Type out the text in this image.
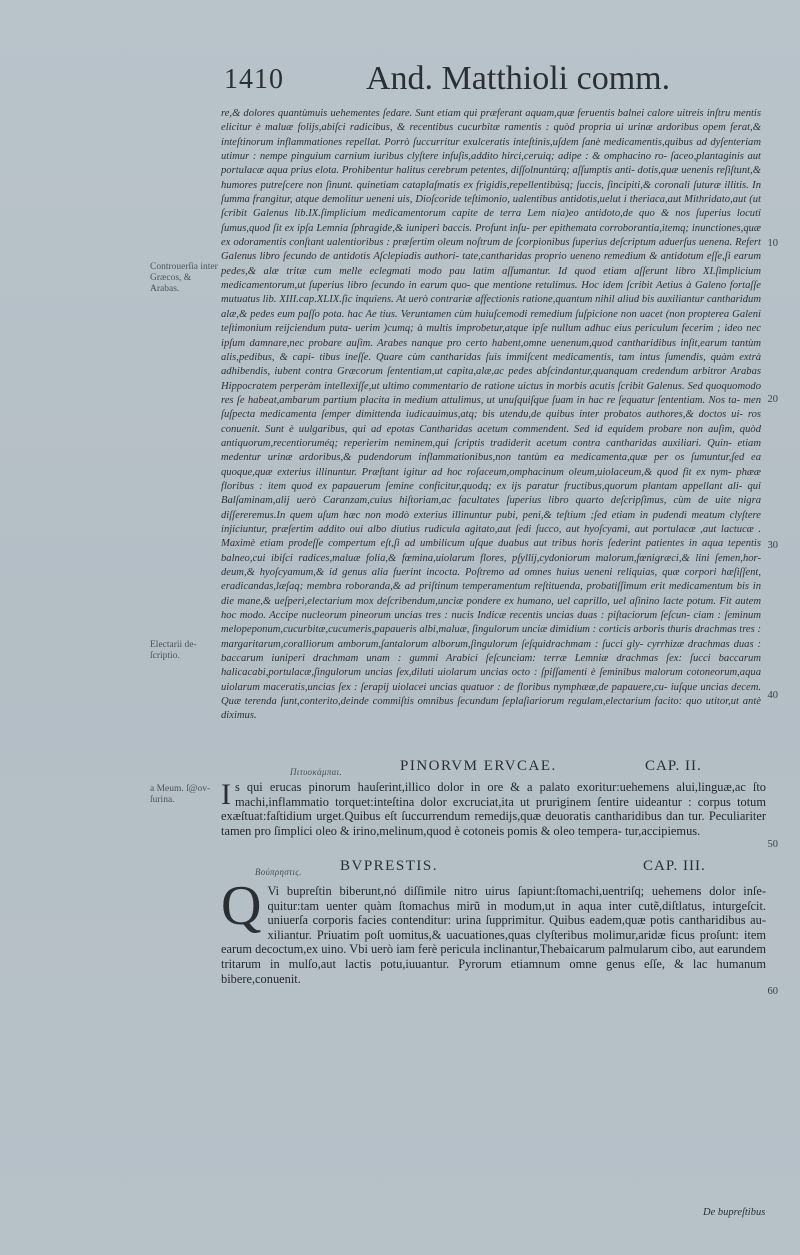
1410 And. Matthioli comm.

re,& dolores quantùmuis uehementes ſedare. Sunt etiam qui præferant aquam,quæ feruentis balnei calore uitreis inſtru mentis elicitur è maluæ folijs,abiſci radicibus, & recentibus cucurbitæ ramentis : quòd propria ui urinæ ardoribus opem ferat,& inteſtinorum inflammationes repellat. Porrò ſuccurritur exulceratis inteſtinis,uſdem ſanè medicamentis,quibus ad dyſenteriam utimur : nempe pinguium carnium iuribus clyſtere infuſis,addito hirci,ceruiq; adipe : & omphacino ro- ſaceo,plantaginis aut portulacæ aqua prius elota. Prohibentur halitus cerebrum petentes, diſſolnuntúrq; aſſumptis anti- dotis,quæ uenenis reſiſtunt,& humores putreſcere non ſinunt. quinetiam cataplaſmatis ex frigidis,repellentibúsq; ſuccis, ſincipiti,& coronali ſuturæ illitis. In ſumma frangitur, atque demolitur ueneni uis, Dioſcoride teſtimonio, ualentibus antidotis,uelut i theriaca,aut Mithridato,aut (ut ſcribit Galenus lib.IX.ſimplicium medicamentorum capite de terra Lem nia)eo antidoto,de quo & nos ſuperius locuti ſumus,quod ſit ex ipſa Lemnia ſphragide,& iuniperi baccis. Profunt inſu- per epithemata corroborantia,itemq; inunctiones,quæ ex odoramentis conſtant ualentioribus : præſertim oleum noſtrum de ſcorpionibus ſuperius deſcriptum aduerſus uenena. Refert Galenus libro ſecundo de antidotis Aſclepiadis authori- tate,cantharidas proprio ueneno remedium & antidotum eſſe,ſi earum pedes,& alæ tritæ cum melle eclegmati modo pau latim aſſumantur. Id quod etiam aſſerunt libro XI.ſimplicium medicamentorum,ut ſuperius libro ſecundo in earum quo- que mentione retulimus. Hoc idem ſcribit Aetius à Galeno fortaſſe mutuatus lib. XIII.cap.XLIX.ſic inquiens. At uerò contrariæ affectionis ratione,quantum nihil aliud bis auxiliantur cantharidum alæ,& pedes eum paſſo pota. hac Ae tius. Veruntamen cùm huiuſcemodi remedium ſuſpicione non uacet (non propterea Galeni teſtimonium reijciendum puta- uerim )cumq; à multis improbetur,atque ipſe nullum adhuc eius periculum fecerim ; ideo nec ipſum damnare,nec probare auſim. Arabes nanque pro certo habent,omne uenenum,quod cantharidibus inſit,earum tantùm alis,pedibus, & capi- tibus ineſſe. Quare cùm cantharidas ſuis immiſcent medicamentis, tam intus ſumendis, quàm extrà adhibendis, iubent contra Græcorum ſententiam,ut capita,alæ,ac pedes abſcindantur,quanquam credendum arbitror Arabas Hippocratem perperàm intellexiſſe,ut ultimo commentario de ratione uictus in morbis acutis ſcribit Galenus. Sed quoquomodo res ſe habeat,ambarum partium placita in medium attulimus, ut unuſquiſque ſuam in hac re ſequatur ſententiam. Nos ta- men ſuſpecta medicamenta ſemper dimittenda iudicauimus,atq; bis utendu,de quibus inter probatos authores,& doctos ui- ros conuenit. Sunt è uulgaribus, qui ad epotas Cantharidas acetum commendent. Sed id equidem probare non auſim, quòd antiquorum,recentioruméq; reperierim neminem,qui ſcriptis tradiderit acetum contra cantharidas auxiliari. Quin- etiam medentur urinæ ardoribus,& pudendorum inflammationibus,non tantùm ea medicamenta,quæ per os ſumuntur,ſed ea quoque,quæ exterius illinuntur. Præſtant igitur ad hoc roſaceum,omphacinum oleum,uiolaceum,& quod fit ex nym- phææ floribus : item quod ex papauerum ſemine conficitur,quodq; ex ijs paratur fructibus,quorum plantam appellant ali- qui Balſaminam,alij uerò Caranzam,cuius hiſtoriam,ac facultates ſuperius libro quarto deſcripſimus, cùm de uite nigra diſſereremus.In quem uſum hæc non modò exterius illinuntur pubi, peni,& teſtium ;ſed etiam in pudendi meatum clyſtere injiciuntur, præſertim addito oui albo diutius rudicula agitato,aut ſedi ſucco, aut hyoſcyami, aut portulacæ ,aut lactucæ . Maximè etiam prodeſſe compertum eſt,ſi ad umbilicum uſque duabus aut tribus horis ſederint patientes in aqua tepentis balneo,cui ibiſci radices,maluæ folia,& fœmina,uiolarum flores, pſyllij,cydoniorum malorum,fœnigræci,& lini ſemen,hor- deum,& hyoſcyamum,& id genus alia fuerint incocta. Poſtremo ad omnes huius ueneni reliquias, quæ corpori hæſiſſent, eradicandas,læſaq; membra roboranda,& ad priſtinum temperamentum reſtituenda, probatiſſimum erit medicamentum bis in die mane,& ueſperi,electarium mox deſcribendum,unciæ pondere ex humano, uel caprillo, uel aſinino lacte potum. Fit autem hoc modo. Accipe nucleorum pineorum uncias tres : nucis Indicæ recentis uncias duas : piſtaciorum ſeſcun- ciam : ſeminum melopeponum,cucurbitæ,cucumeris,papaueris albi,maluæ, ſingulorum unciæ dimidium : corticis arboris thuris drachmas tres : margaritarum,coralliorum amborum,ſantalorum alborum,ſingulorum ſeſquidrachmam : ſucci gly- cyrrhizæ drachmas duas : baccarum iuniperi drachmam unam : gummi Arabici ſeſcunciam: terræ Lemniæ drachmas ſex: ſucci baccarum halicacabi,portulacæ,ſingulorum uncias ſex,diluti uiolarum uncias octo : ſpiſſamenti è ſeminibus malorum cotoneorum,aqua uiolarum maceratis,uncias ſex : ſerapij uiolacei uncias quatuor : de floribus nymphææ,de papauere,cu- iuſque uncias decem. Quæ terenda ſunt,conterito,deinde commiſtis omnibus ſecundum ſeplaſiariorum regulam,electarium facito: quo utitor,ut antè diximus.

Controuerſia inter Græcos, & Arabas.
Electarii de- ſcriptio.
a Meum. ſ@ov- ſurina.
10
20
30
40
50
60
Πιτυοκάμπαι.	PINORVM ERVCAE.	CAP. II.
Is qui erucas pinorum hauſerint,illico dolor in ore & a palato exoritur:uehemens alui,linguæ,ac ſto machi,inflammatio torquet:inteſtina dolor excruciat,ita ut pruriginem ſentire uideantur : corpus totum exæſtuat:faſtidium urget.Quibus eſt ſuccurrendum remedijs,quæ deuoratis cantharidibus dan tur. Peculiariter tamen pro ſimplici oleo & irino,melinum,quod è cotoneis pomis & oleo tempera- tur,accipiemus.
Βούπρηστις.	BVPRESTIS.	CAP. III.
Q Vi bupreſtin biberunt,nó diſſimile nitro uirus ſapiunt:ſtomachi,uentriſq; uehemens dolor inſe- quitur:tam uenter quàm ſtomachus mirũ in modum,ut in aqua inter cutẽ,diſtlatus, inturgeſcit. uniuerſa corporis facies contenditur: urina ſupprimitur. Quibus eadem,quæ potis cantharidibus au- xiliantur. Priuatim poſt uomitus,& uacuationes,quas clyſteribus molimur,aridæ ficus proſunt: item earum decoctum,ex uino. Vbi uerò iam ferè pericula inclinantur,Thebaicarum palmularum cibo, aut earundem tritarum in mulſo,aut lactis potu,iuuantur. Pyrorum etiamnum omne genus eſſe, & lac humanum bibere,conuenit.
De bupreſtibus
